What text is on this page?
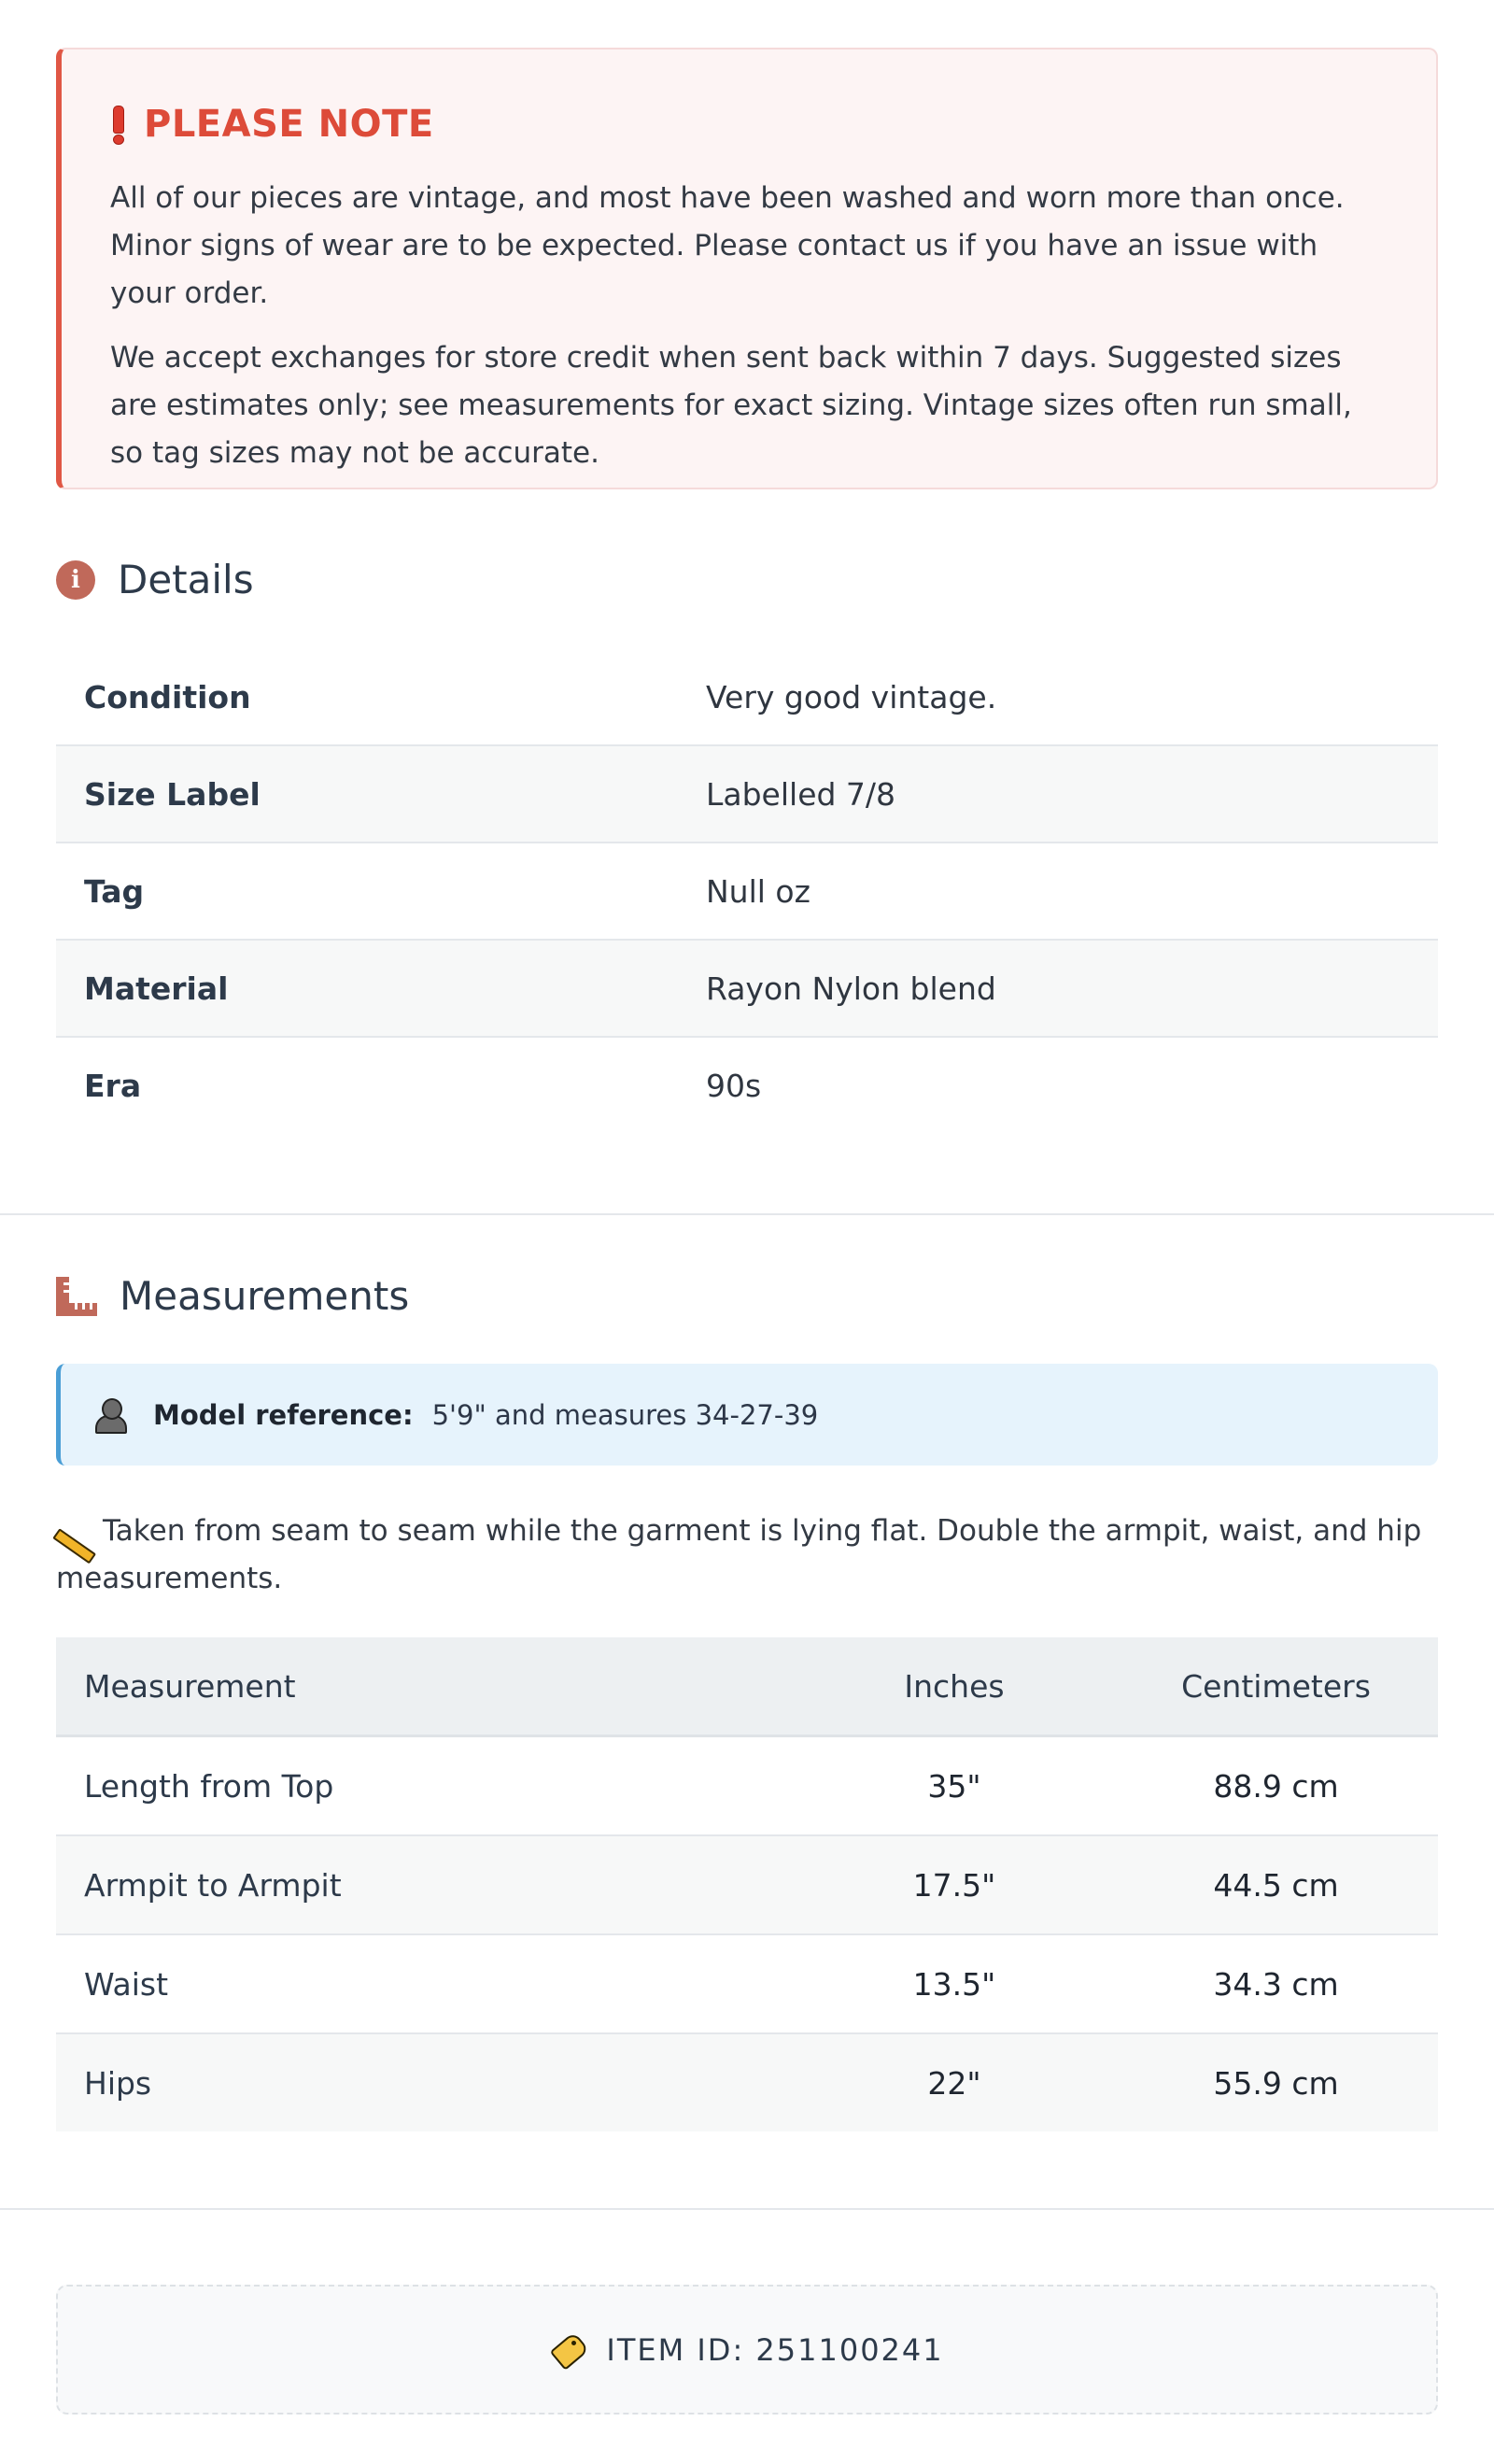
PLEASE NOTE

All of our pieces are vintage, and most have been washed and worn more than once. Minor signs of wear are to be expected. Please contact us if you have an issue with your order.

We accept exchanges for store credit when sent back within 7 days. Suggested sizes are estimates only; see measurements for exact sizing. Vintage sizes often run small, so tag sizes may not be accurate.

i Details
Condition	Very good vintage.
Size Label	Labelled 7/8
Tag	Null oz
Material	Rayon Nylon blend
Era	90s
Measurements
Model reference: 5'9" and measures 34-27-39

Taken from seam to seam while the garment is lying flat. Double the armpit, waist, and hip measurements.

Measurement	Inches	Centimeters
Length from Top	35"	88.9 cm
Armpit to Armpit	17.5"	44.5 cm
Waist	13.5"	34.3 cm
Hips	22"	55.9 cm
ITEM ID: 251100241
